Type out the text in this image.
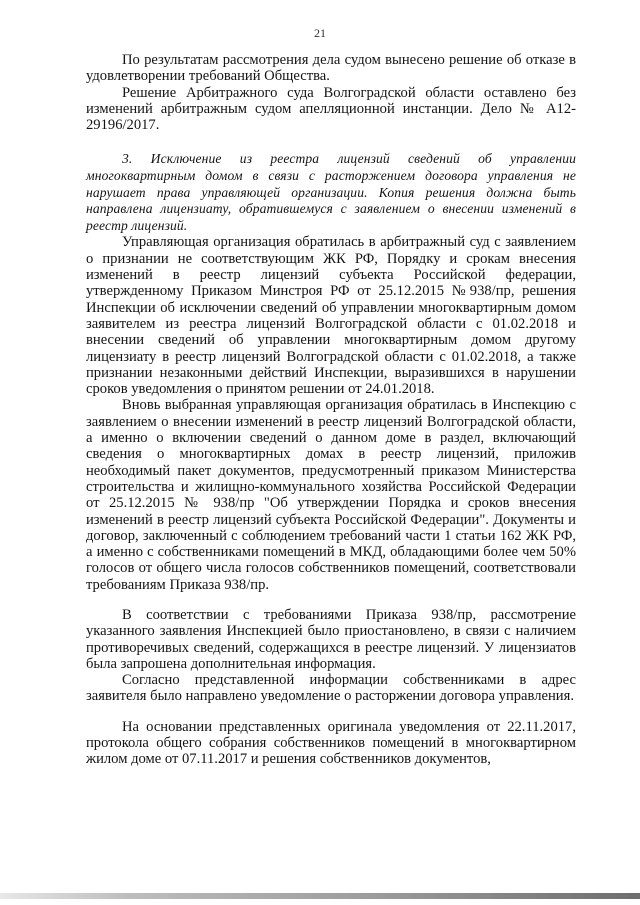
21

По результатам рассмотрения дела судом вынесено решение об отказе в удовлетворении требований Общества.

Решение Арбитражного суда Волгоградской области оставлено без изменений арбитражным судом апелляционной инстанции. Дело № А12-29196/2017.

3. Исключение из реестра лицензий сведений об управлении многоквартирным домом в связи с расторжением договора управления не нарушает права управляющей организации. Копия решения должна быть направлена лицензиату, обратившемуся с заявлением о внесении изменений в реестр лицензий.

Управляющая организация обратилась в арбитражный суд с заявлением о признании не соответствующим ЖК РФ, Порядку и срокам внесения изменений в реестр лицензий субъекта Российской федерации, утвержденному Приказом Минстроя РФ от 25.12.2015 №938/пр, решения Инспекции об исключении сведений об управлении многоквартирным домом заявителем из реестра лицензий Волгоградской области с 01.02.2018 и внесении сведений об управлении многоквартирным домом другому лицензиату в реестр лицензий Волгоградской области с 01.02.2018, а также признании незаконными действий Инспекции, выразившихся в нарушении сроков уведомления о принятом решении от 24.01.2018.

Вновь выбранная управляющая организация обратилась в Инспекцию с заявлением о внесении изменений в реестр лицензий Волгоградской области, а именно о включении сведений о данном доме в раздел, включающий сведения о многоквартирных домах в реестр лицензий, приложив необходимый пакет документов, предусмотренный приказом Министерства строительства и жилищно-коммунального хозяйства Российской Федерации от 25.12.2015 № 938/пр "Об утверждении Порядка и сроков внесения изменений в реестр лицензий субъекта Российской Федерации". Документы и договор, заключенный с соблюдением требований части 1 статьи 162 ЖК РФ, а именно с собственниками помещений в МКД, обладающими более чем 50% голосов от общего числа голосов собственников помещений, соответствовали требованиям Приказа 938/пр.

В соответствии с требованиями Приказа 938/пр, рассмотрение указанного заявления Инспекцией было приостановлено, в связи с наличием противоречивых сведений, содержащихся в реестре лицензий. У лицензиатов была запрошена дополнительная информация.

Согласно представленной информации собственниками в адрес заявителя было направлено уведомление о расторжении договора управления.

На основании представленных оригинала уведомления от 22.11.2017, протокола общего собрания собственников помещений в многоквартирном жилом доме от 07.11.2017 и решения собственников документов,
